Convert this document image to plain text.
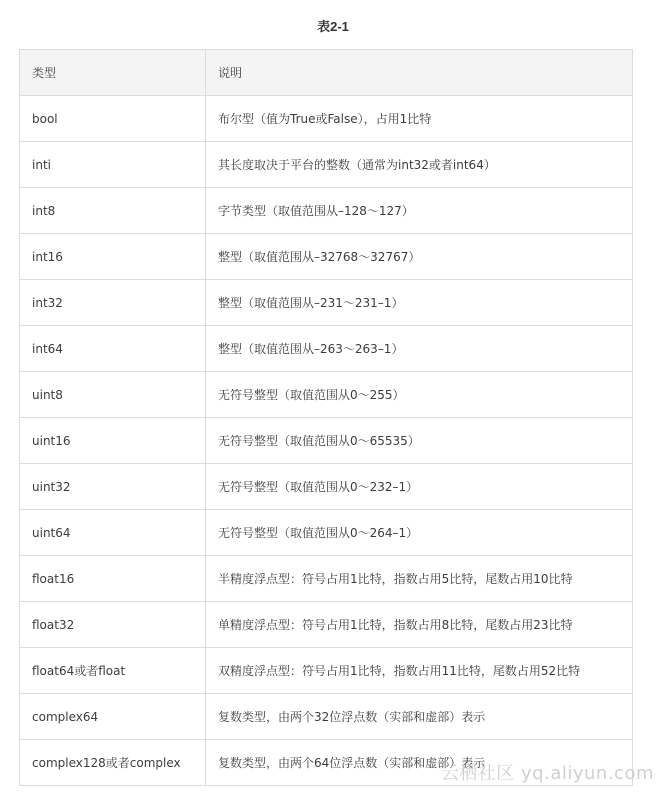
表2-1
类型	说明
bool	布尔型（值为True或False），占用1比特
inti	其长度取决于平台的整数（通常为int32或者int64）
int8	字节类型（取值范围从–128～127）
int16	整型（取值范围从–32768～32767）
int32	整型（取值范围从–231～231–1）
int64	整型（取值范围从–263～263–1）
uint8	无符号整型（取值范围从0～255）
uint16	无符号整型（取值范围从0～65535）
uint32	无符号整型（取值范围从0～232–1）
uint64	无符号整型（取值范围从0～264–1）
float16	半精度浮点型：符号占用1比特，指数占用5比特，尾数占用10比特
float32	单精度浮点型：符号占用1比特，指数占用8比特，尾数占用23比特
float64或者float	双精度浮点型：符号占用1比特，指数占用11比特，尾数占用52比特
complex64	复数类型，由两个32位浮点数（实部和虚部）表示
complex128或者complex	复数类型，由两个64位浮点数（实部和虚部）表示
云栖社区 yq.aliyun.com
